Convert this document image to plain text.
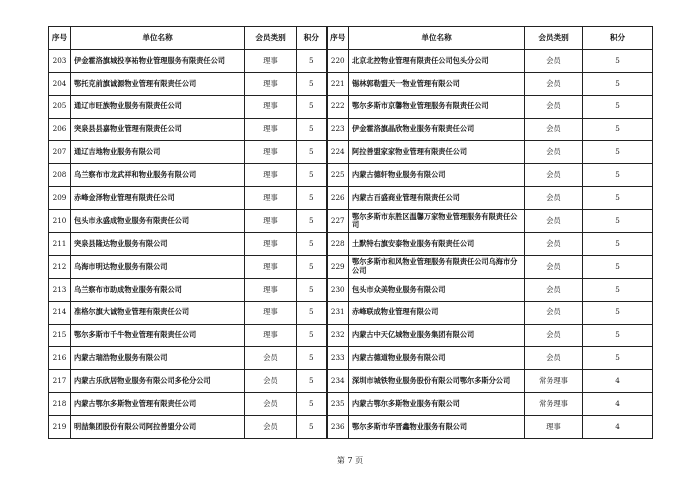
序号	单位名称	会员类别	积分	序号	单位名称	会员类别	积分
203	伊金霍洛旗城投享祐物业管理服务有限责任公司	理事	5	220	北京北控物业管理有限责任公司包头分公司	会员	5
204	鄂托克前旗诚源物业管理有限责任公司	理事	5	221	锡林郭勒盟天一物业管理有限公司	会员	5
205	通辽市旺族物业服务有限责任公司	理事	5	222	鄂尔多斯市京馨物业管理服务有限责任公司	会员	5
206	突泉县县嘉物业管理有限责任公司	理事	5	223	伊金霍洛旗晶欣物业服务有限责任公司	会员	5
207	通辽吉地物业服务有限公司	理事	5	224	阿拉善盟家家物业管理有限责任公司	会员	5
208	乌兰察布市龙武祥和物业服务有限公司	理事	5	225	内蒙古德轩物业服务有限公司	会员	5
209	赤峰金泽物业管理有限责任公司	理事	5	226	内蒙古百盛商业管理有限责任公司	会员	5
210	包头市永盛成物业服务有限责任公司	理事	5	227	鄂尔多斯市东胜区温馨万家物业管理服务有限责任公司	会员	5
211	突泉县隆达物业服务有限公司	理事	5	228	土默特右旗安泰物业服务有限责任公司	会员	5
212	乌海市明达物业服务有限公司	理事	5	229	鄂尔多斯市和风物业管理服务有限责任公司乌海市分公司	会员	5
213	乌兰察布市助成物业服务有限公司	理事	5	230	包头市众美物业服务有限公司	会员	5
214	准格尔旗大诚物业管理有限责任公司	理事	5	231	赤峰联成物业管理有限公司	会员	5
215	鄂尔多斯市千牛物业管理有限责任公司	理事	5	232	内蒙古中天亿城物业服务集团有限公司	会员	5
216	内蒙古瑞浩物业服务有限公司	会员	5	233	内蒙古德道物业服务有限公司	会员	5
217	内蒙古乐欣居物业服务有限公司多伦分公司	会员	5	234	深圳市城铁物业服务股份有限公司鄂尔多斯分公司	常务理事	4
218	内蒙古鄂尔多斯物业管理有限责任公司	会员	5	235	内蒙古鄂尔多斯物业服务有限公司	常务理事	4
219	明喆集团股份有限公司阿拉善盟分公司	会员	5	236	鄂尔多斯市华晋鑫物业服务有限公司	理事	4
第 7 页
